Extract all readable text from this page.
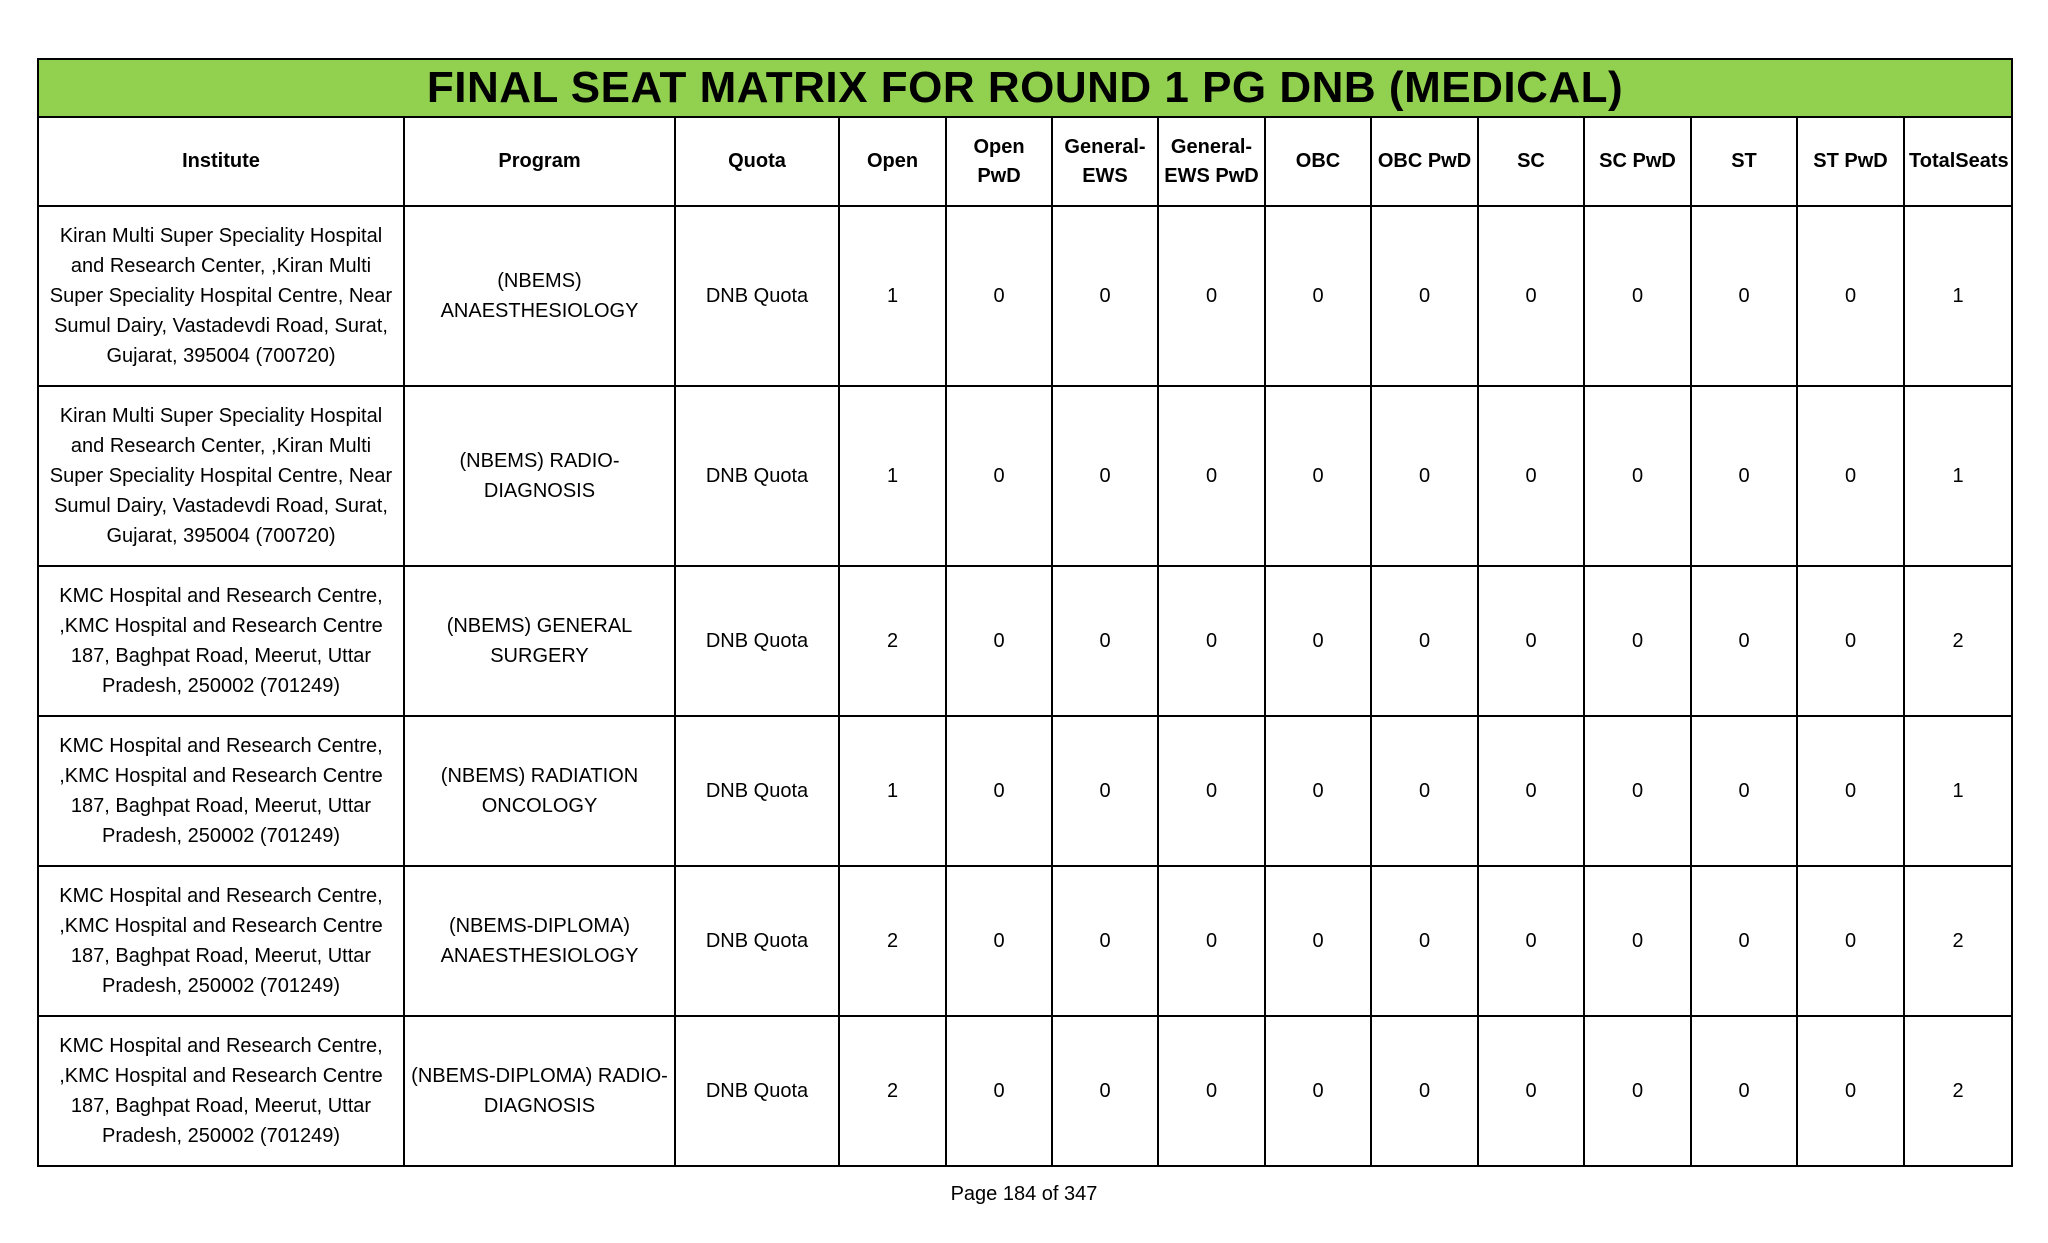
FINAL SEAT MATRIX FOR ROUND 1 PG DNB (MEDICAL)													
Institute	Program	Quota	Open	Open PwD	General-EWS	General-EWS PwD	OBC	OBC PwD	SC	SC PwD	ST	ST PwD	TotalSeats
Kiran Multi Super Speciality Hospital and Research Center, ,Kiran Multi Super Speciality Hospital Centre, Near Sumul Dairy, Vastadevdi Road, Surat, Gujarat, 395004 (700720)	(NBEMS) ANAESTHESIOLOGY	DNB Quota	1	0	0	0	0	0	0	0	0	0	1
Kiran Multi Super Speciality Hospital and Research Center, ,Kiran Multi Super Speciality Hospital Centre, Near Sumul Dairy, Vastadevdi Road, Surat, Gujarat, 395004 (700720)	(NBEMS) RADIO-DIAGNOSIS	DNB Quota	1	0	0	0	0	0	0	0	0	0	1
KMC Hospital and Research Centre, ,KMC Hospital and Research Centre 187, Baghpat Road, Meerut, Uttar Pradesh, 250002 (701249)	(NBEMS) GENERAL SURGERY	DNB Quota	2	0	0	0	0	0	0	0	0	0	2
KMC Hospital and Research Centre, ,KMC Hospital and Research Centre 187, Baghpat Road, Meerut, Uttar Pradesh, 250002 (701249)	(NBEMS) RADIATION ONCOLOGY	DNB Quota	1	0	0	0	0	0	0	0	0	0	1
KMC Hospital and Research Centre, ,KMC Hospital and Research Centre 187, Baghpat Road, Meerut, Uttar Pradesh, 250002 (701249)	(NBEMS-DIPLOMA) ANAESTHESIOLOGY	DNB Quota	2	0	0	0	0	0	0	0	0	0	2
KMC Hospital and Research Centre, ,KMC Hospital and Research Centre 187, Baghpat Road, Meerut, Uttar Pradesh, 250002 (701249)	(NBEMS-DIPLOMA) RADIO-DIAGNOSIS	DNB Quota	2	0	0	0	0	0	0	0	0	0	2
Page 184 of 347
